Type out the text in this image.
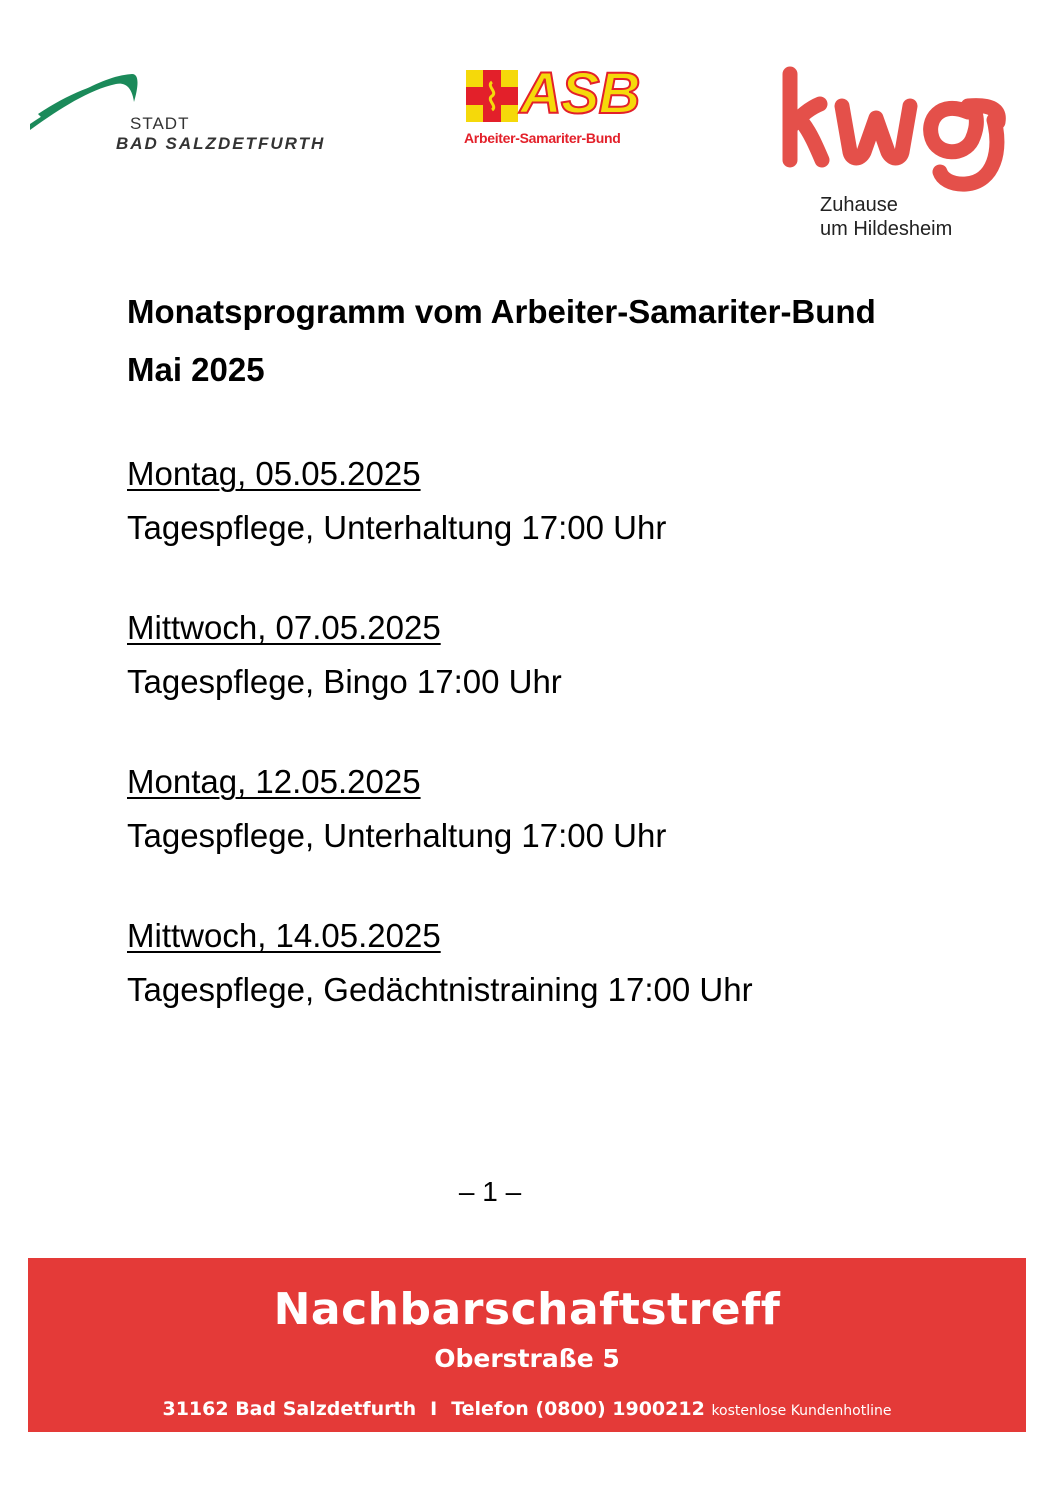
STADT
BAD SALZDETFURTH
ASB
Arbeiter-Samariter-Bund
Zuhause
um Hildesheim
Monatsprogramm vom Arbeiter-Samariter-Bund
Mai 2025
Montag, 05.05.2025
Tagespflege, Unterhaltung 17:00 Uhr
Mittwoch, 07.05.2025
Tagespflege, Bingo 17:00 Uhr
Montag, 12.05.2025
Tagespflege, Unterhaltung 17:00 Uhr
Mittwoch, 14.05.2025
Tagespflege, Gedächtnistraining 17:00 Uhr
– 1 –
Nachbarschaftstreff
Oberstraße 5
31162 Bad Salzdetfurth I Telefon (0800) 1900212 kostenlose Kundenhotline
